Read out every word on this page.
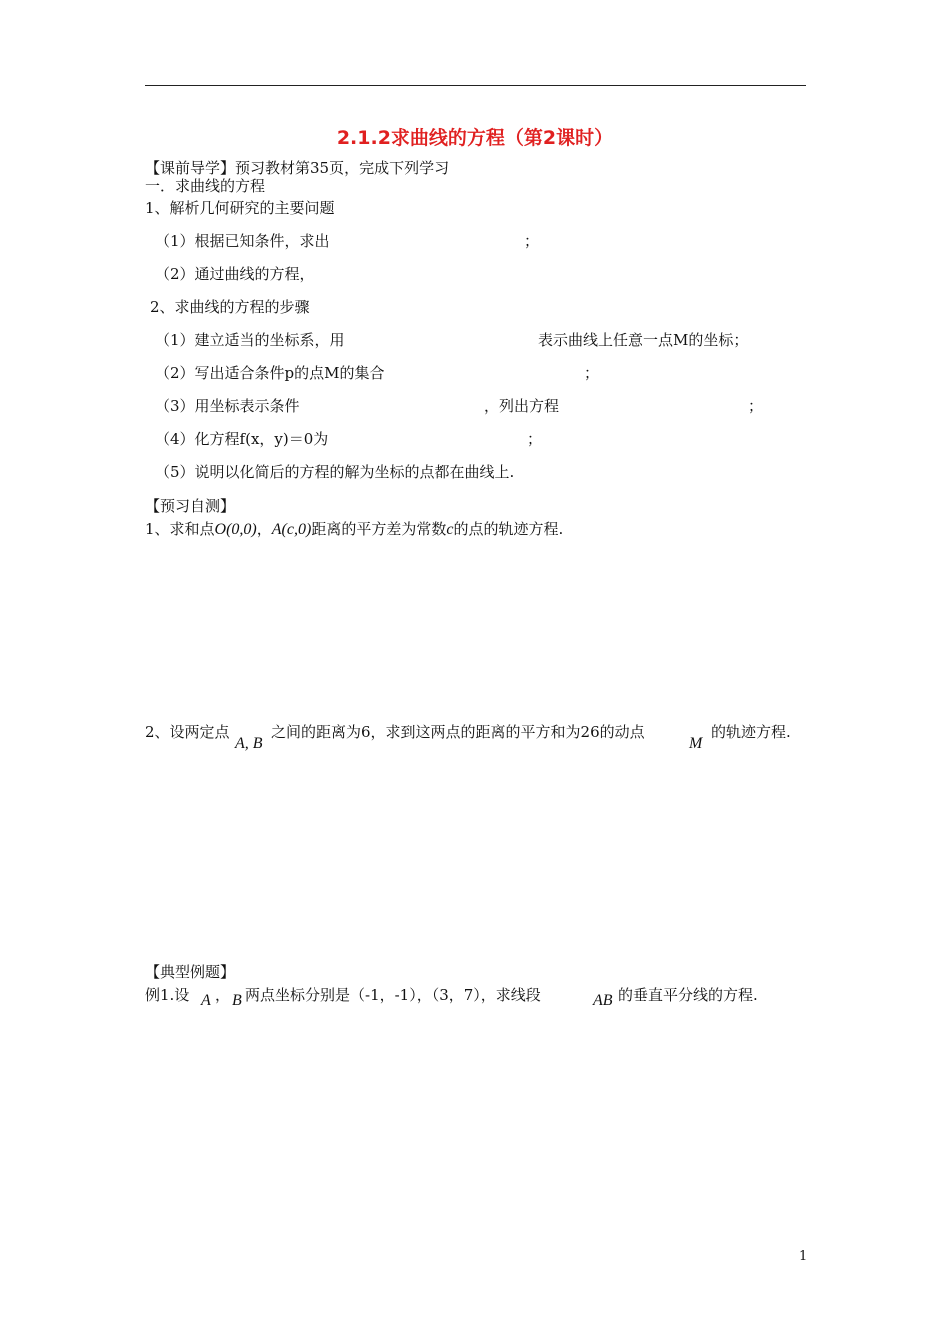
2.1.2求曲线的方程（第2课时）
【课前导学】预习教材第35页，完成下列学习
一．求曲线的方程
1、解析几何研究的主要问题
（1）根据已知条件，求出	；
（2）通过曲线的方程，
2、求曲线的方程的步骤
（1）建立适当的坐标系，用	表示曲线上任意一点M的坐标；
（2）写出适合条件p的点M的集合	；
（3）用坐标表示条件	，列出方程	；
（4）化方程f(x，y)＝0为	；
（5）说明以化简后的方程的解为坐标的点都在曲线上.
【预习自测】
1、求和点O(0,0)，A(c,0)距离的平方差为常数c的点的轨迹方程.
2、设两定点
A, B
之间的距离为6，求到这两点的距离的平方和为26的动点
M
的轨迹方程.
【典型例题】
例1.设 A ， B 两点坐标分别是（-1，-1），（3，7），求线段	AB 的垂直平分线的方程.
1
